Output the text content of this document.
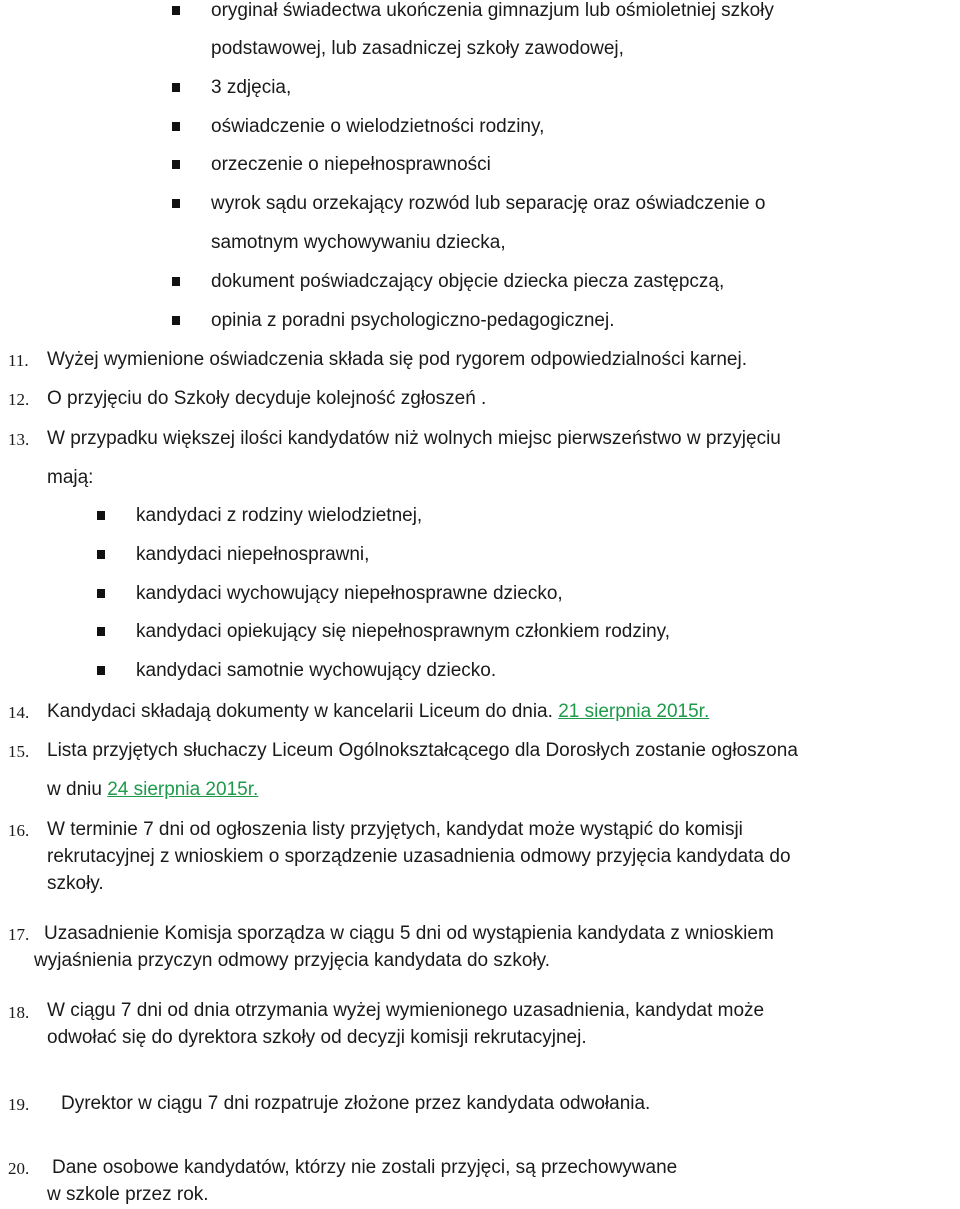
oryginał świadectwa ukończenia gimnazjum lub ośmioletniej szkoły
podstawowej, lub zasadniczej szkoły zawodowej,
3 zdjęcia,
oświadczenie o wielodzietności rodziny,
orzeczenie o niepełnosprawności
wyrok sądu orzekający rozwód lub separację oraz oświadczenie o
samotnym wychowywaniu dziecka,
dokument poświadczający objęcie dziecka piecza zastępczą,
opinia z poradni psychologiczno-pedagogicznej.
11. Wyżej wymienione oświadczenia składa się pod rygorem odpowiedzialności karnej.
12. O przyjęciu do Szkoły decyduje kolejność zgłoszeń .
13. W przypadku większej ilości kandydatów niż wolnych miejsc pierwszeństwo w przyjęciu
mają:
kandydaci z rodziny wielodzietnej,
kandydaci niepełnosprawni,
kandydaci wychowujący niepełnosprawne dziecko,
kandydaci opiekujący się niepełnosprawnym członkiem rodziny,
kandydaci samotnie wychowujący dziecko.
14. Kandydaci składają dokumenty w kancelarii Liceum do dnia. 21 sierpnia 2015r.
15. Lista przyjętych słuchaczy Liceum Ogólnokształcącego dla Dorosłych zostanie ogłoszona
w dniu 24 sierpnia 2015r.
16. W terminie 7 dni od ogłoszenia listy przyjętych, kandydat może wystąpić do komisji
rekrutacyjnej z wnioskiem o sporządzenie uzasadnienia odmowy przyjęcia kandydata do
szkoły.
17. Uzasadnienie Komisja sporządza w ciągu 5 dni od wystąpienia kandydata z wnioskiem
wyjaśnienia przyczyn odmowy przyjęcia kandydata do szkoły.
18. W ciągu 7 dni od dnia otrzymania wyżej wymienionego uzasadnienia, kandydat może
odwołać się do dyrektora szkoły od decyzji komisji rekrutacyjnej.
19. Dyrektor w ciągu 7 dni rozpatruje złożone przez kandydata odwołania.
20. Dane osobowe kandydatów, którzy nie zostali przyjęci, są przechowywane
w szkole przez rok.
